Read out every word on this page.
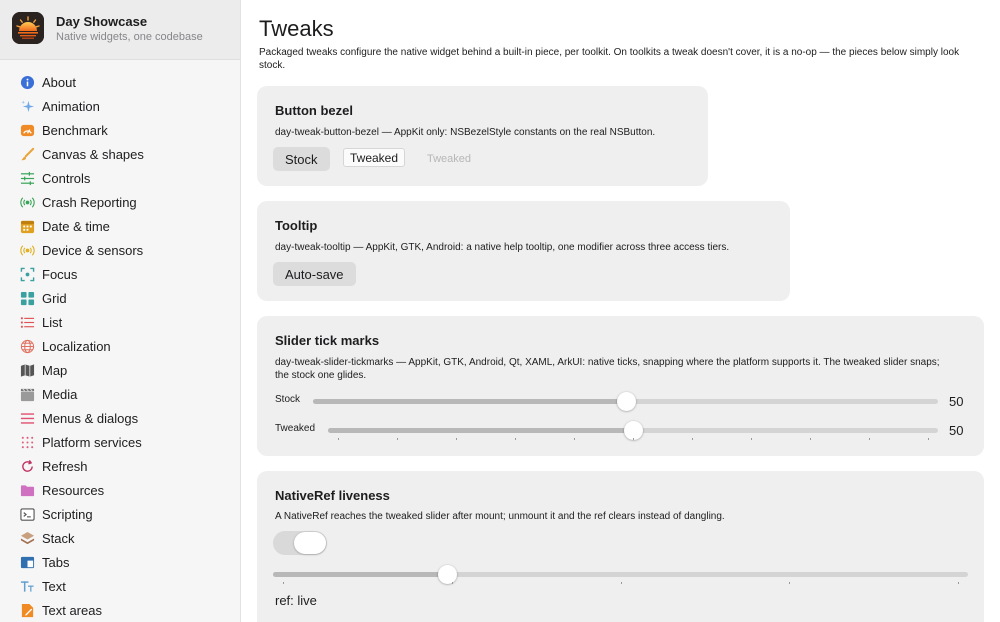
Day Showcase
Native widgets, one codebase
About
Animation
Benchmark
Canvas & shapes
Controls
Crash Reporting
Date & time
Device & sensors
Focus
Grid
List
Localization
Map
Media
Menus & dialogs
Platform services
Refresh
Resources
Scripting
Stack
Tabs
Text
Text areas
Tweaks

Packaged tweaks configure the native widget behind a built-in piece, per toolkit. On toolkits a tweak doesn't cover, it is a no-op — the pieces below simply look stock.

Button bezel
day-tweak-button-bezel — AppKit only: NSBezelStyle constants on the real NSButton.
Stock	Tweaked	Tweaked
Tooltip
day-tweak-tooltip — AppKit, GTK, Android: a native help tooltip, one modifier across three access tiers.
Auto-save
Slider tick marks
day-tweak-slider-tickmarks — AppKit, GTK, Android, Qt, XAML, ArkUI: native ticks, snapping where the platform supports it. The tweaked slider snaps; the stock one glides.
Stock	50
Tweaked	50
NativeRef liveness
A NativeRef reaches the tweaked slider after mount; unmount it and the ref clears instead of dangling.
ref: live
